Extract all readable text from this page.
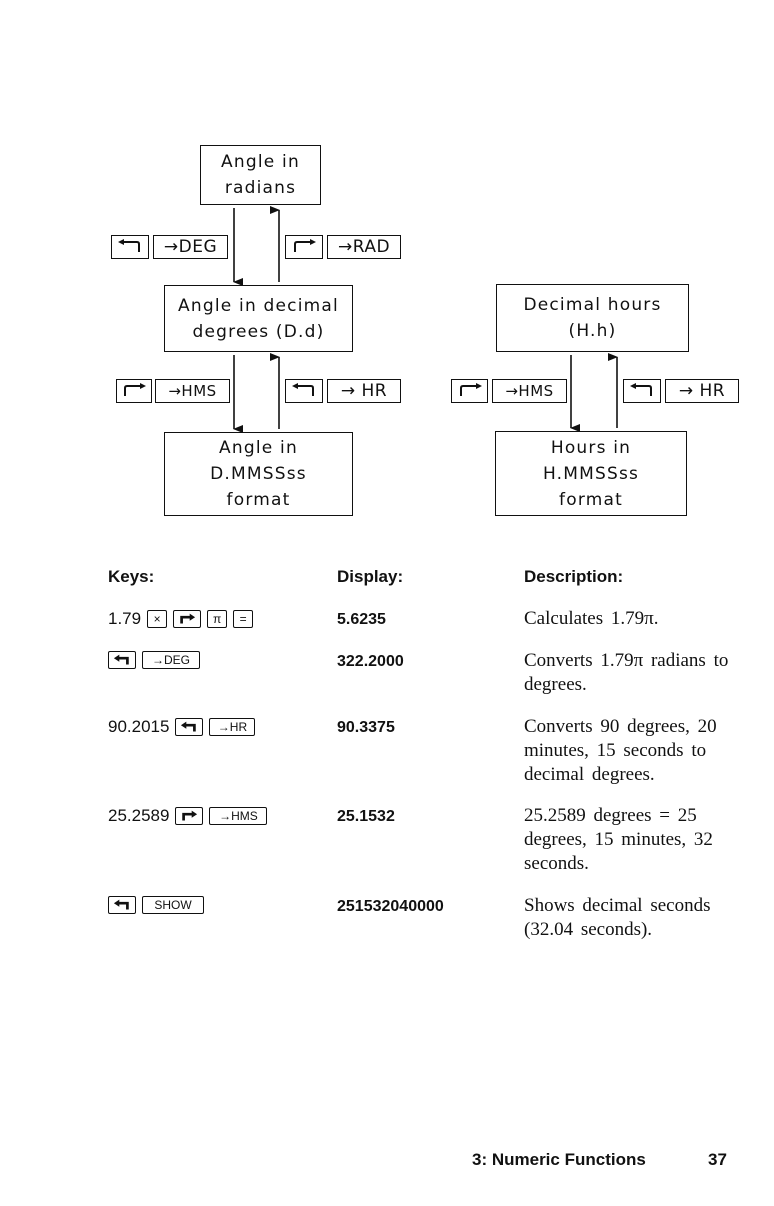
Angle in
radians
Angle in decimal
degrees (D.d)
Angle in
D.MMSSss
format
Decimal hours
(H.h)
Hours in
H.MMSSss
format
→DEG	→RAD
→HMS	→ HR	→HMS	→ HR
Keys:	Display:	Description:
1.79	×	π	=	5.6235	Calculates 1.79π.
→DEG	322.2000	Converts 1.79π radians to degrees.
90.2015	→HR	90.3375	Converts 90 degrees, 20 minutes, 15 seconds to decimal degrees.
25.2589	→HMS	25.1532	25.2589 degrees = 25 degrees, 15 minutes, 32 seconds.
SHOW	251532040000	Shows decimal seconds (32.04 seconds).
3: Numeric Functions	37
